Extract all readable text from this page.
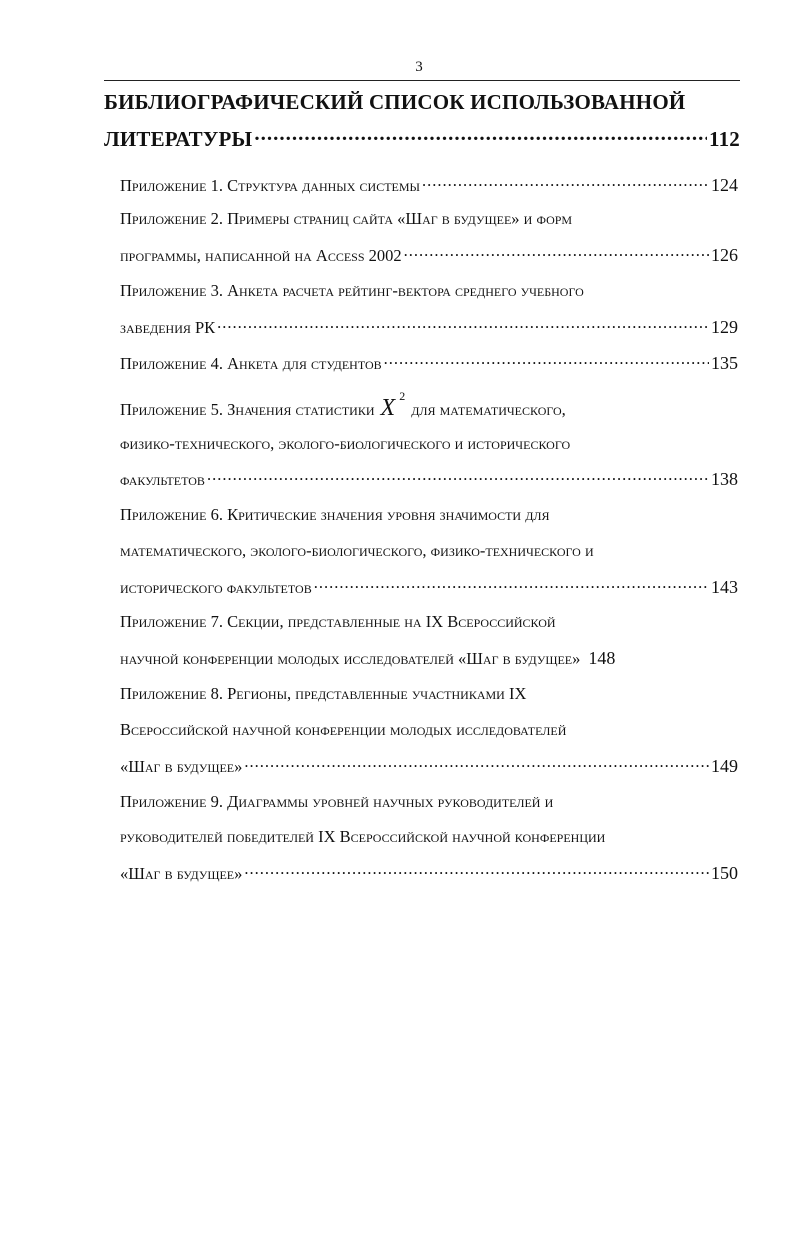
3
БИБЛИОГРАФИЧЕСКИЙ СПИСОК ИСПОЛЬЗОВАННОЙ
ЛИТЕРАТУРЫ .....	112
Приложение 1. Структура данных системы .....	124
Приложение 2. Примеры страниц сайта «Шаг в будущее» и форм
программы, написанной на Access 2002 .....	126
Приложение 3. Анкета расчета рейтинг-вектора среднего учебного
заведения РК .....	129
Приложение 4. Анкета для студентов .....	135
Приложение 5. Значения статистики X $^2$
для математического,
физико-технического, эколого-биологического и исторического
факультетов .....	138
Приложение 6. Критические значения уровня значимости для
математического, эколого-биологического, физико-технического и
исторического факультетов .....	143
Приложение 7. Секции, представленные на IX Всероссийской
научной конференции молодых исследователей «Шаг в будущее» 148
Приложение 8. Регионы, представленные участниками IX
Всероссийской научной конференции молодых исследователей
«Шаг в будущее» .....	149
Приложение 9. Диаграммы уровней научных руководителей и
руководителей победителей IX Всероссийской научной конференции
«Шаг в будущее» .....	150
